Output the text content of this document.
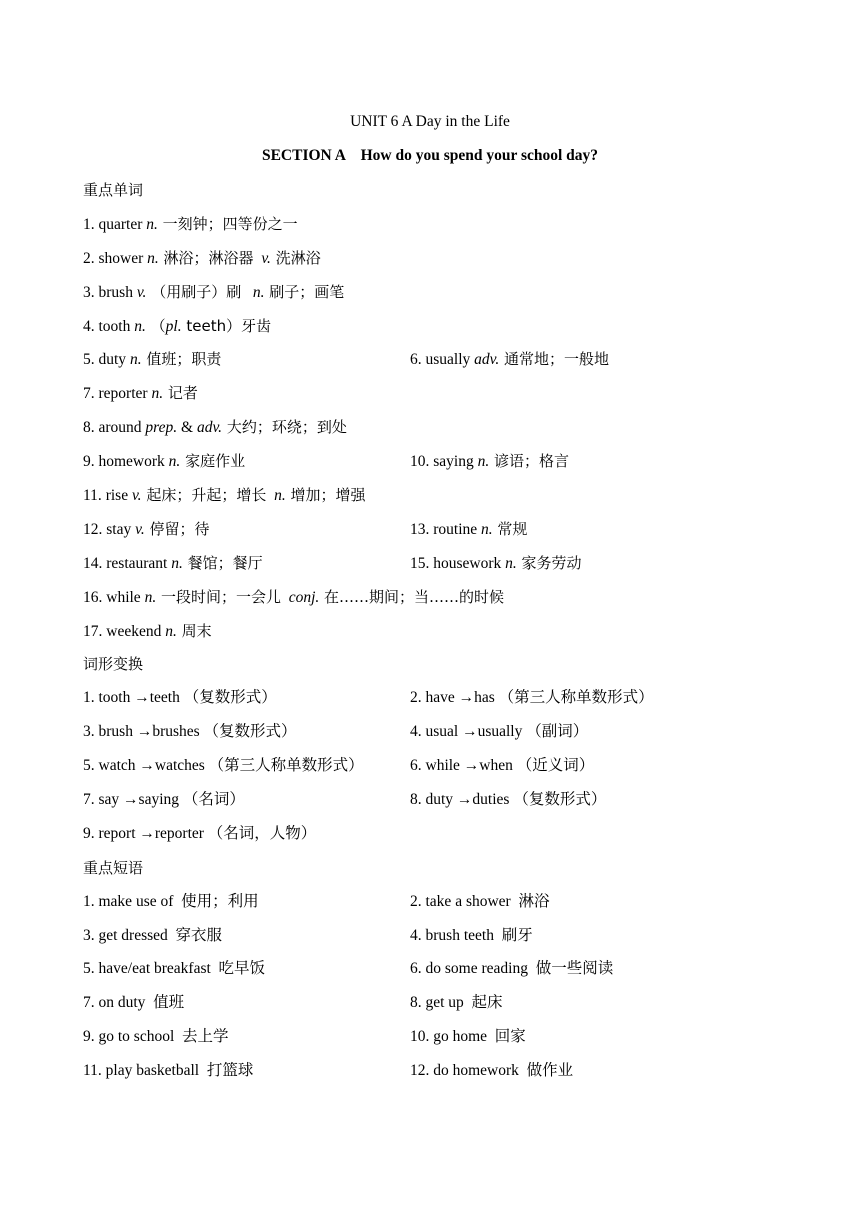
UNIT 6 A Day in the Life
SECTION A    How do you spend your school day?
重点单词
1. quarter n. 一刻钟；四等份之一
2. shower n. 淋浴；淋浴器 v. 洗淋浴
3. brush v. （用刷子）刷 n. 刷子；画笔
4. tooth n. （pl. teeth）牙齿
5. duty n. 值班；职责	6. usually adv. 通常地；一般地
7. reporter n. 记者
8. around prep. & adv. 大约；环绕；到处
9. homework n. 家庭作业	10. saying n. 谚语；格言
11. rise v. 起床；升起；增长 n. 增加；增强
12. stay v. 停留；待	13. routine n. 常规
14. restaurant n. 餐馆；餐厅	15. housework n. 家务劳动
16. while n. 一段时间；一会儿 conj. 在……期间；当……的时候
17. weekend n. 周末
词形变换
1. tooth →teeth （复数形式）	2. have →has （第三人称单数形式）
3. brush →brushes （复数形式）	4. usual →usually （副词）
5. watch →watches （第三人称单数形式）	6. while →when （近义词）
7. say →saying （名词）	8. duty →duties （复数形式）
9. report →reporter （名词，人物）
重点短语
1. make use of  使用；利用	2. take a shower  淋浴
3. get dressed  穿衣服	4. brush teeth  刷牙
5. have/eat breakfast  吃早饭	6. do some reading  做一些阅读
7. on duty  值班	8. get up  起床
9. go to school  去上学	10. go home  回家
11. play basketball  打篮球	12. do homework  做作业
